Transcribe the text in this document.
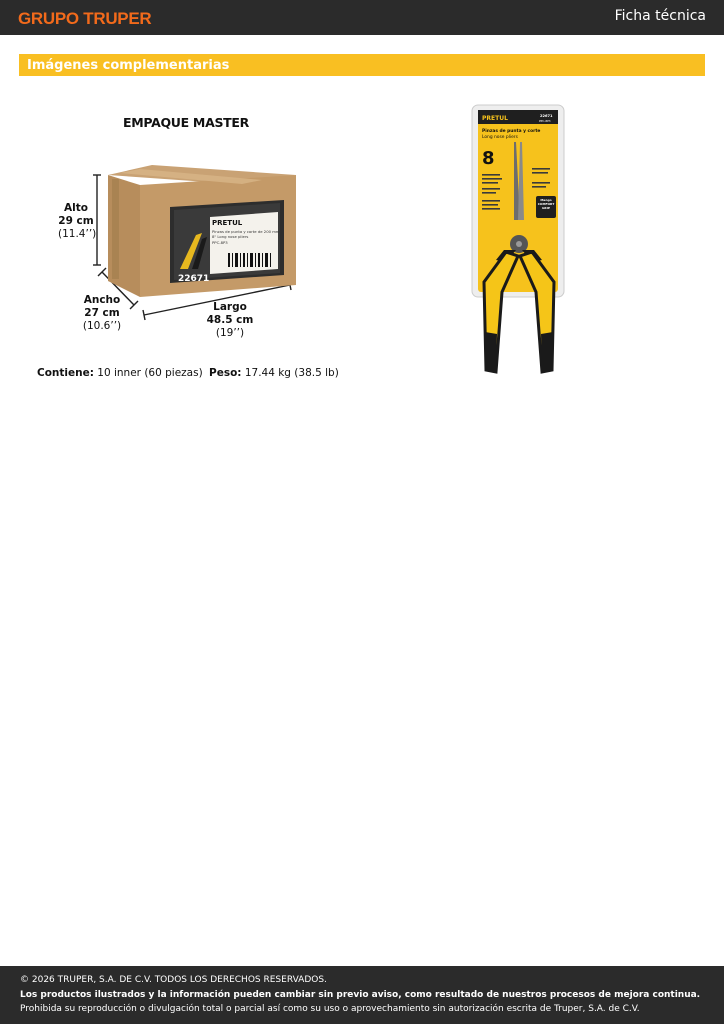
GRUPO TRUPER	Ficha técnica
Imágenes complementarias
EMPAQUE MASTER
PRETUL
Pinzas de punta y corte de 200 mm
8" Long nose pliers
PPC-8P3
22671
Alto
29 cm
(11.4’’)
Ancho
27 cm
(10.6’’)
Largo
48.5 cm
(19’’)
Contiene: 10 inner (60 piezas) Peso: 17.44 kg (38.5 lb)
PRETUL	22671
PPC-8P3
Pinzas de punta y corte
Long nose pliers
8
Mango COMFORT GRIP
© 2026 TRUPER, S.A. DE C.V. TODOS LOS DERECHOS RESERVADOS.
Los productos ilustrados y la información pueden cambiar sin previo aviso, como resultado de nuestros procesos de mejora continua.
Prohibida su reproducción o divulgación total o parcial así como su uso o aprovechamiento sin autorización escrita de Truper, S.A. de C.V.
